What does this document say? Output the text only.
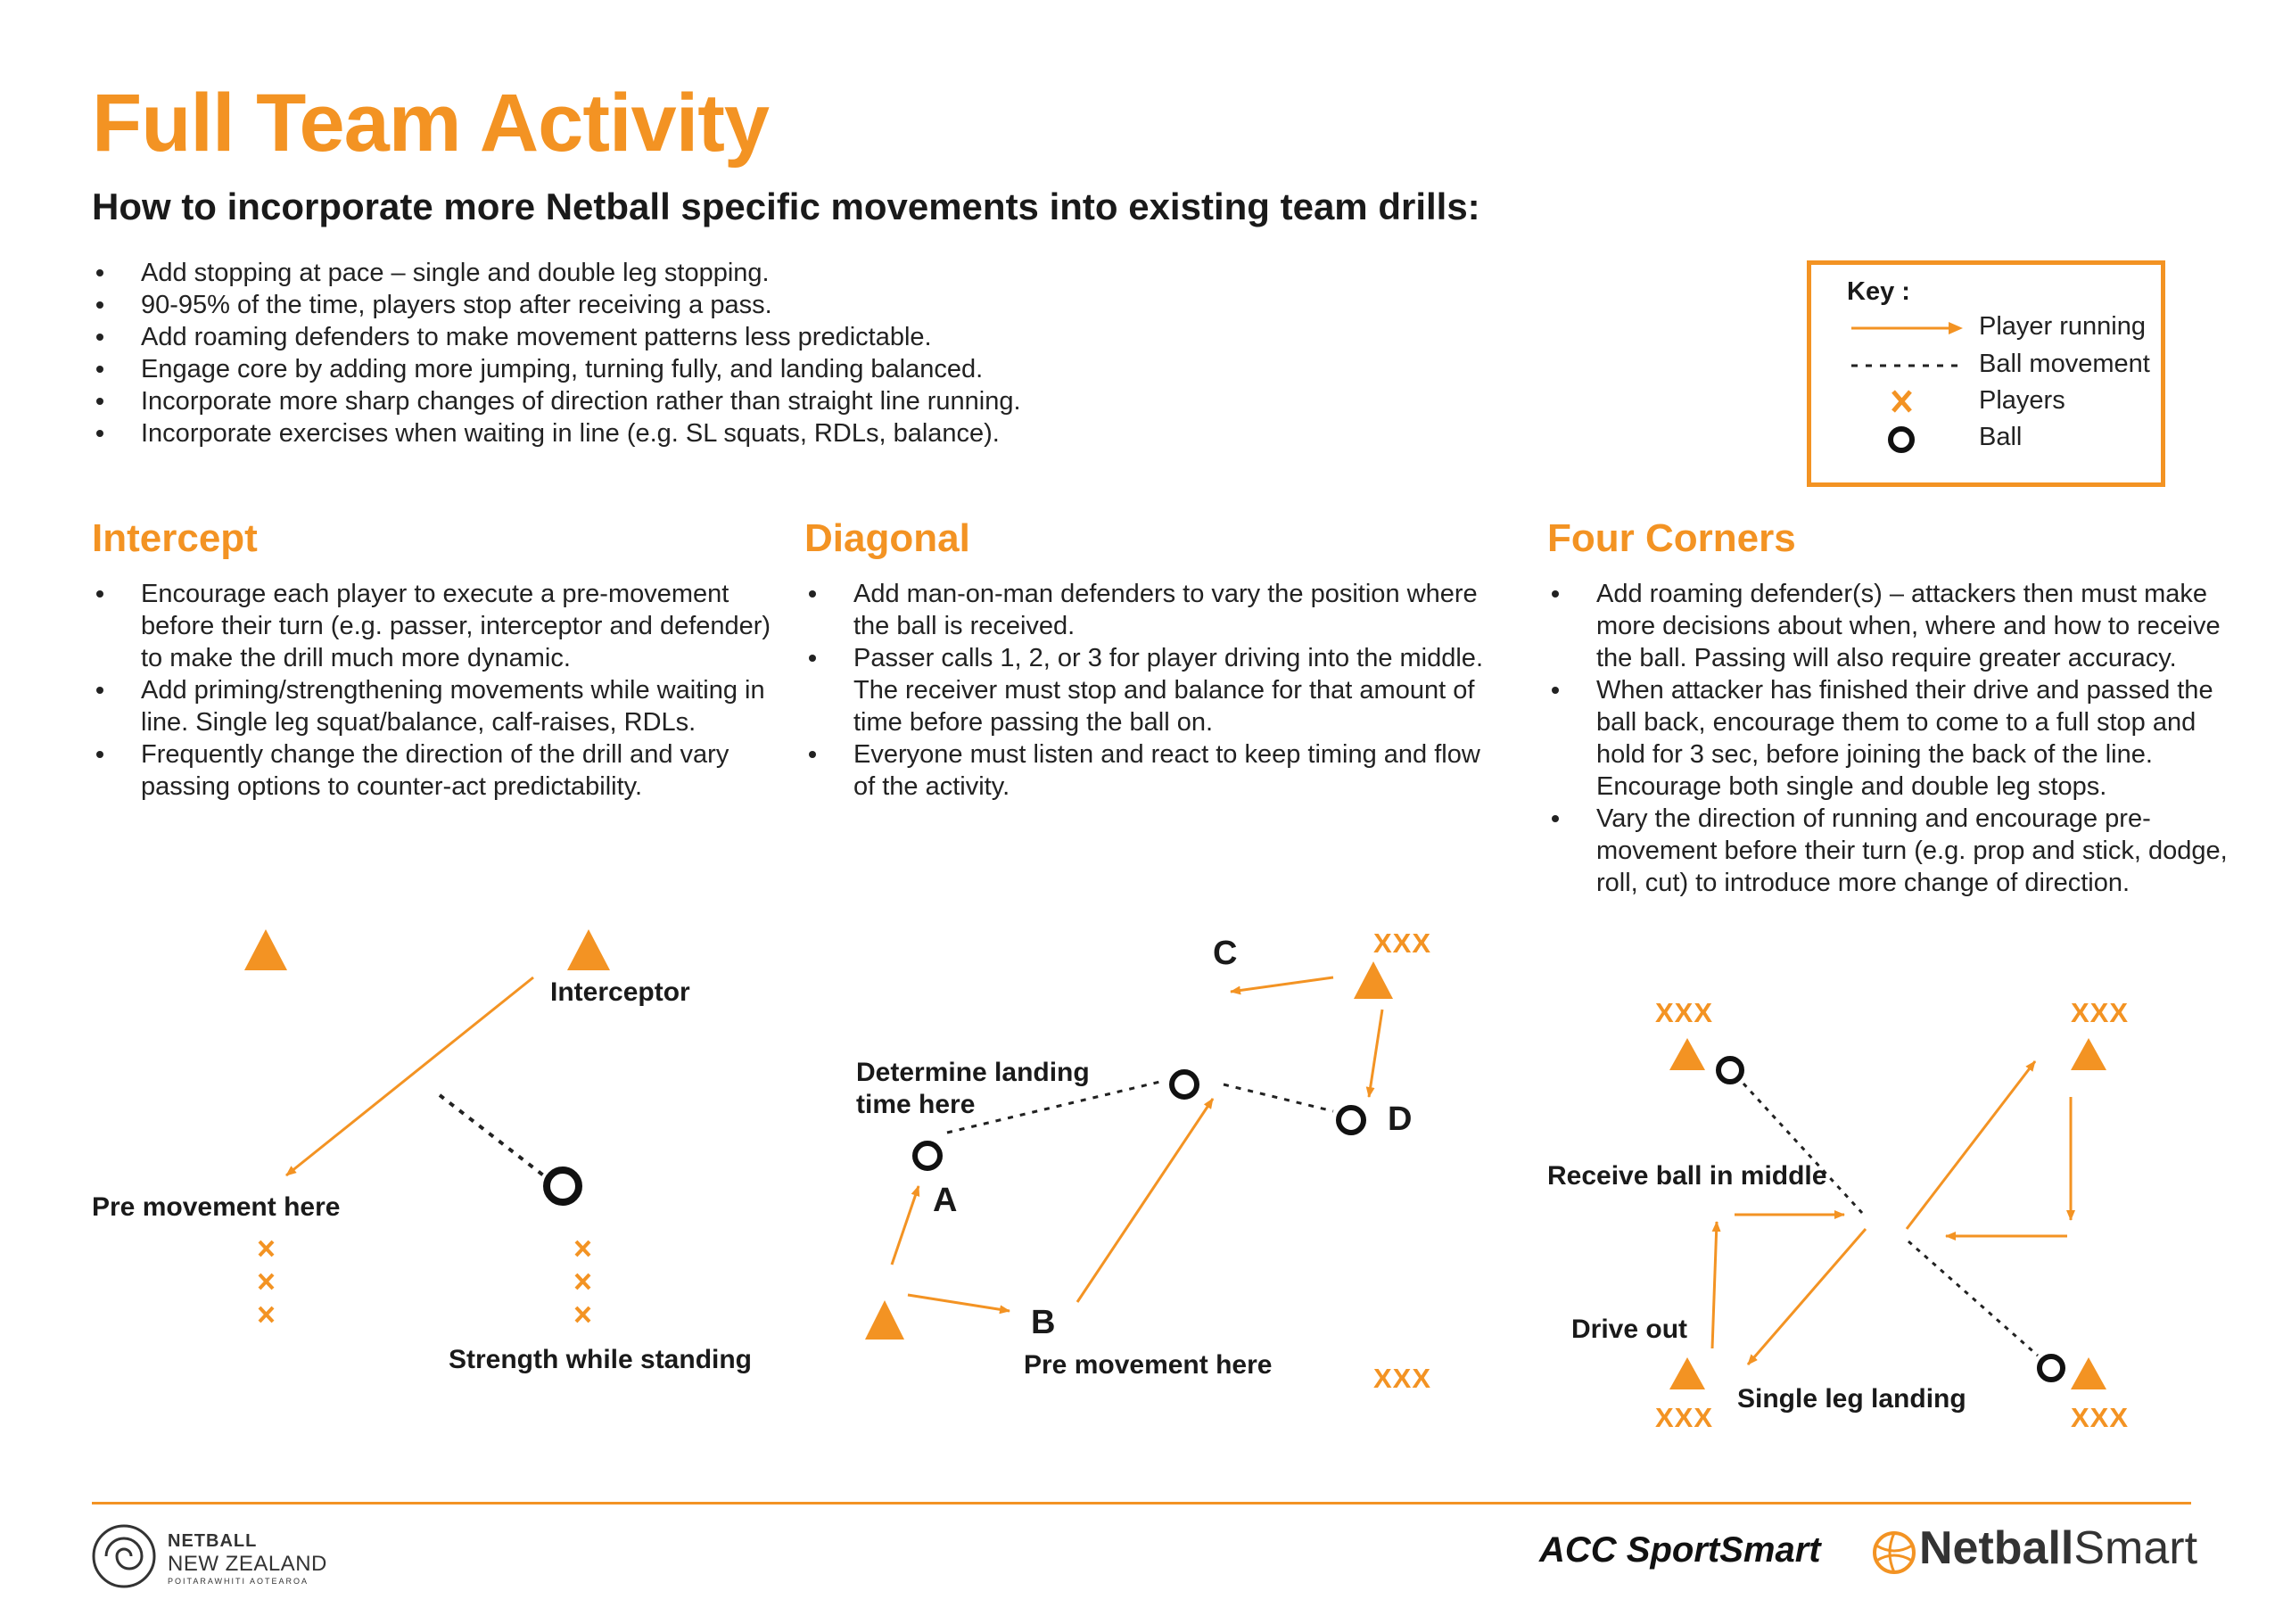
Full Team Activity
How to incorporate more Netball specific movements into existing team drills:
Add stopping at pace – single and double leg stopping.
90-95% of the time, players stop after receiving a pass.
Add roaming defenders to make movement patterns less predictable.
Engage core by adding more jumping, turning fully, and landing balanced.
Incorporate more sharp changes of direction rather than straight line running.
Incorporate exercises when waiting in line (e.g. SL squats, RDLs, balance).
Key :
Player running
Ball movement
Players
Ball
Intercept	Diagonal	Four Corners
Encourage each player to execute a pre-movement before their turn (e.g. passer, interceptor and defender) to make the drill much more dynamic.
Add priming/strengthening movements while waiting in line. Single leg squat/balance, calf-raises, RDLs.
Frequently change the direction of the drill and vary passing options to counter-act predictability.
Add man-on-man defenders to vary the position where the ball is received.
Passer calls 1, 2, or 3 for player driving into the middle. The receiver must stop and balance for that amount of time before passing the ball on.
Everyone must listen and react to keep timing and flow of the activity.
Add roaming defender(s) – attackers then must make more decisions about when, where and how to receive the ball. Passing will also require greater accuracy.
When attacker has finished their drive and passed the ball back, encourage them to come to a full stop and hold for 3 sec, before joining the back of the line. Encourage both single and double leg stops.
Vary the direction of running and encourage pre-movement before their turn (e.g. prop and stick, dodge, roll, cut) to introduce more change of direction.
Interceptor
Pre movement here
Strength while standing
Determine landing
time here
A
B
C
D
Pre movement here
XXX
XXX
XXX	XXX
XXX	XXX
Receive ball in middle
Drive out
Single leg landing
NETBALL
NEW ZEALAND
POITARAWHITI AOTEAROA
ACC SportSmart NetballSmart
